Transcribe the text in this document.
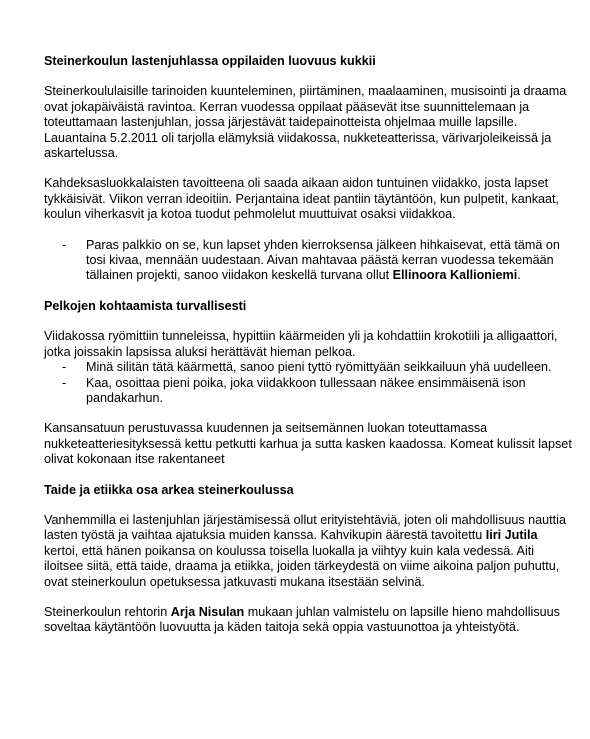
Steinerkoulun lastenjuhlassa oppilaiden luovuus kukkii

Steinerkoululaisille tarinoiden kuunteleminen, piirtäminen, maalaaminen, musisointi ja draama ovat jokapäiväistä ravintoa. Kerran vuodessa oppilaat pääsevät itse suunnittelemaan ja toteuttamaan lastenjuhlan, jossa järjestävät taidepainotteista ohjelmaa muille lapsille. Lauantaina 5.2.2011 oli tarjolla elämyksiä viidakossa, nukketeatterissa, värivarjoleikeissä ja askartelussa.

Kahdeksasluokkalaisten tavoitteena oli saada aikaan aidon tuntuinen viidakko, josta lapset tykkäisivät. Viikon verran ideoitiin. Perjantaina ideat pantiin täytäntöön, kun pulpetit, kankaat, koulun viherkasvit ja kotoa tuodut pehmolelut muuttuivat osaksi viidakkoa.

- Paras palkkio on se, kun lapset yhden kierroksensa jälkeen hihkaisevat, että tämä on tosi kivaa, mennään uudestaan. Aivan mahtavaa päästä kerran vuodessa tekemään tällainen projekti, sanoo viidakon keskellä turvana ollut Ellinoora Kallioniemi.
Pelkojen kohtaamista turvallisesti

Viidakossa ryömittiin tunneleissa, hypittiin käärmeiden yli ja kohdattiin krokotiili ja alligaattori, jotka joissakin lapsissa aluksi herättävät hieman pelkoa.

- Minä silitän tätä käärmettä, sanoo pieni tyttö ryömittyään seikkailuun yhä uudelleen.
- Kaa, osoittaa pieni poika, joka viidakkoon tullessaan näkee ensimmäisenä ison pandakarhun.

Kansansatuun perustuvassa kuudennen ja seitsemännen luokan toteuttamassa nukketeatteriesityksessä kettu petkutti karhua ja sutta kasken kaadossa. Komeat kulissit lapset olivat kokonaan itse rakentaneet

Taide ja etiikka osa arkea steinerkoulussa

Vanhemmilla ei lastenjuhlan järjestämisessä ollut erityistehtäviä, joten oli mahdollisuus nauttia lasten työstä ja vaihtaa ajatuksia muiden kanssa. Kahvikupin äärestä tavoitettu Iiri Jutila kertoi, että hänen poikansa on koulussa toisella luokalla ja viihtyy kuin kala vedessä. Aiti iloitsee siitä, että taide, draama ja etiikka, joiden tärkeydestä on viime aikoina paljon puhuttu, ovat steinerkoulun opetuksessa jatkuvasti mukana itsestään selvinä.

Steinerkoulun rehtorin Arja Nisulan mukaan juhlan valmistelu on lapsille hieno mahdollisuus soveltaa käytäntöön luovuutta ja käden taitoja sekä oppia vastuunottoa ja yhteistyötä.
